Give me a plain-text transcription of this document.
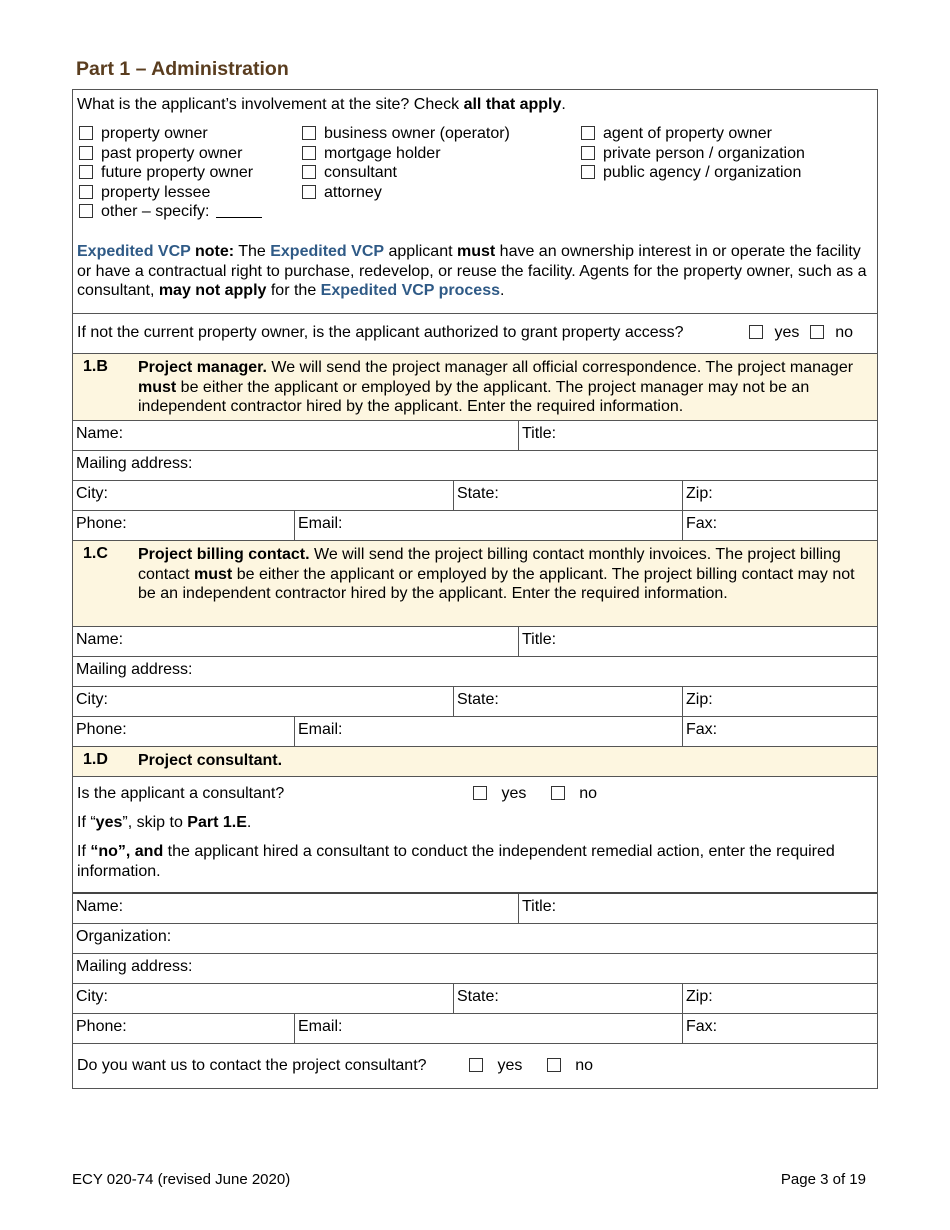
Part 1 – Administration
What is the applicant’s involvement at the site? Check all that apply.
property owner
past property owner
future property owner
property lessee
other – specify:
business owner (operator)
mortgage holder
consultant
attorney
agent of property owner
private person / organization
public agency / organization
Expedited VCP note: The Expedited VCP applicant must have an ownership interest in or operate the facility or have a contractual right to purchase, redevelop, or reuse the facility. Agents for the property owner, such as a consultant, may not apply for the Expedited VCP process.
If not the current property owner, is the applicant authorized to grant property access?	yes no
1.B Project manager. We will send the project manager all official correspondence. The project manager must be either the applicant or employed by the applicant. The project manager may not be an independent contractor hired by the applicant. Enter the required information.
Name:	Title:
Mailing address:
City:	State:	Zip:
Phone:	Email:	Fax:
1.C Project billing contact. We will send the project billing contact monthly invoices. The project billing contact must be either the applicant or employed by the applicant. The project billing contact may not be an independent contractor hired by the applicant. Enter the required information.
Name:	Title:
Mailing address:
City:	State:	Zip:
Phone:	Email:	Fax:
1.D Project consultant.
Is the applicant a consultant?	yes	no
If “yes”, skip to Part 1.E.
If “no”, and the applicant hired a consultant to conduct the independent remedial action, enter the required information.
Name:	Title:
Organization:
Mailing address:
City:	State:	Zip:
Phone:	Email:	Fax:
Do you want us to contact the project consultant?	yes	no
ECY 020-74 (revised June 2020)	Page 3 of 19
